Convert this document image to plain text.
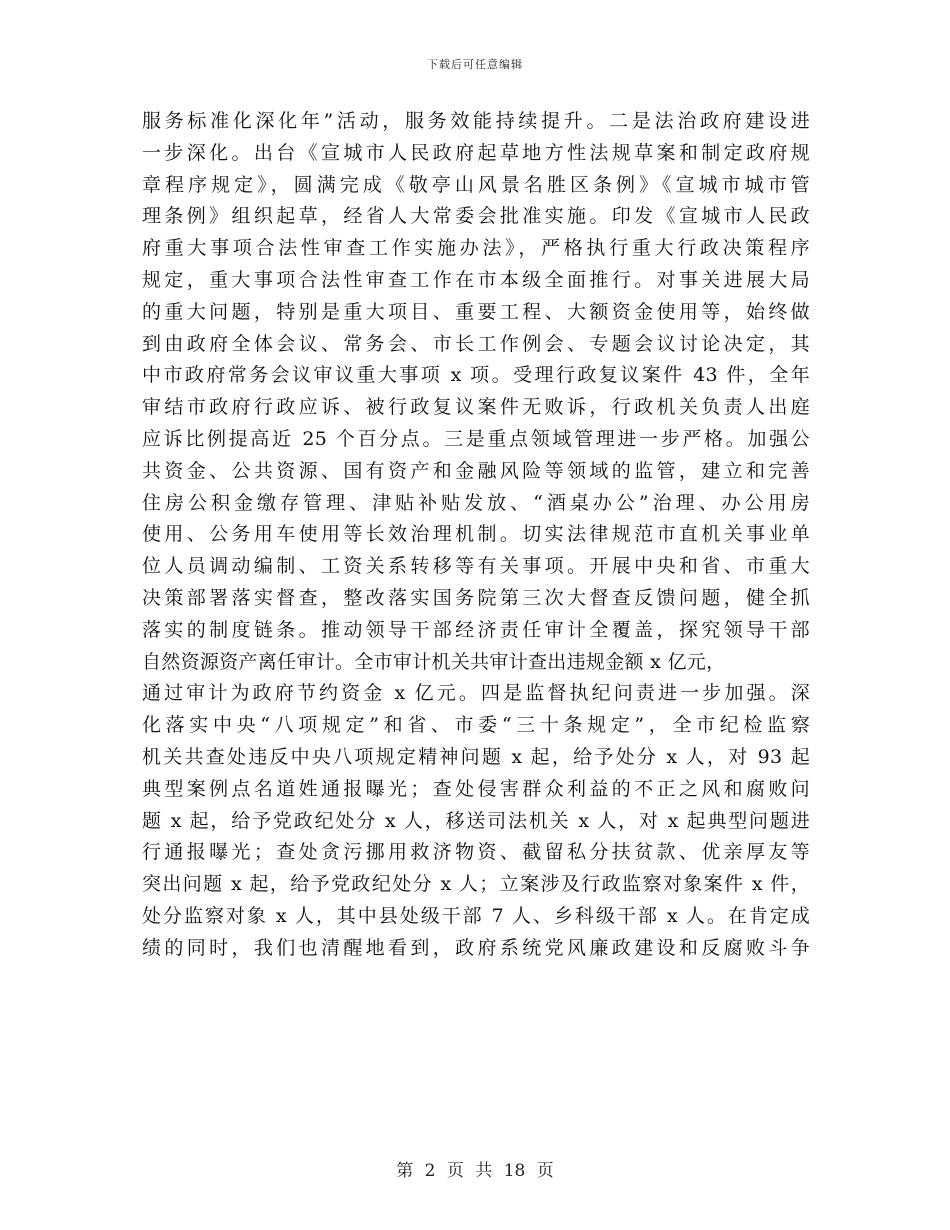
下载后可任意编辑
服务标准化深化年”活动，服务效能持续提升。二是法治政府建设进
一步深化。出台《宣城市人民政府起草地方性法规草案和制定政府规
章程序规定》，圆满完成《敬亭山风景名胜区条例》《宣城市城市管
理条例》组织起草，经省人大常委会批准实施。印发《宣城市人民政
府重大事项合法性审查工作实施办法》，严格执行重大行政决策程序
规定，重大事项合法性审查工作在市本级全面推行。对事关进展大局
的重大问题，特别是重大项目、重要工程、大额资金使用等，始终做
到由政府全体会议、常务会、市长工作例会、专题会议讨论决定，其
中市政府常务会议审议重大事项 x 项。受理行政复议案件 43 件，全年
审结市政府行政应诉、被行政复议案件无败诉，行政机关负责人出庭
应诉比例提高近 25 个百分点。三是重点领域管理进一步严格。加强公
共资金、公共资源、国有资产和金融风险等领域的监管，建立和完善
住房公积金缴存管理、津贴补贴发放、“酒桌办公”治理、办公用房
使用、公务用车使用等长效治理机制。切实法律规范市直机关事业单
位人员调动编制、工资关系转移等有关事项。开展中央和省、市重大
决策部署落实督查，整改落实国务院第三次大督查反馈问题，健全抓
落实的制度链条。推动领导干部经济责任审计全覆盖，探究领导干部
自然资源资产离任审计。全市审计机关共审计查出违规金额 x 亿元，
通过审计为政府节约资金 x 亿元。四是监督执纪问责进一步加强。深
化落实中央“八项规定”和省、市委“三十条规定”，全市纪检监察
机关共查处违反中央八项规定精神问题 x 起，给予处分 x 人，对 93 起
典型案例点名道姓通报曝光；查处侵害群众利益的不正之风和腐败问
题 x 起，给予党政纪处分 x 人，移送司法机关 x 人，对 x 起典型问题进
行通报曝光；查处贪污挪用救济物资、截留私分扶贫款、优亲厚友等
突出问题 x 起，给予党政纪处分 x 人；立案涉及行政监察对象案件 x 件，
处分监察对象 x 人，其中县处级干部 7 人、乡科级干部 x 人。在肯定成
绩的同时，我们也清醒地看到，政府系统党风廉政建设和反腐败斗争
第 2 页 共 18 页
